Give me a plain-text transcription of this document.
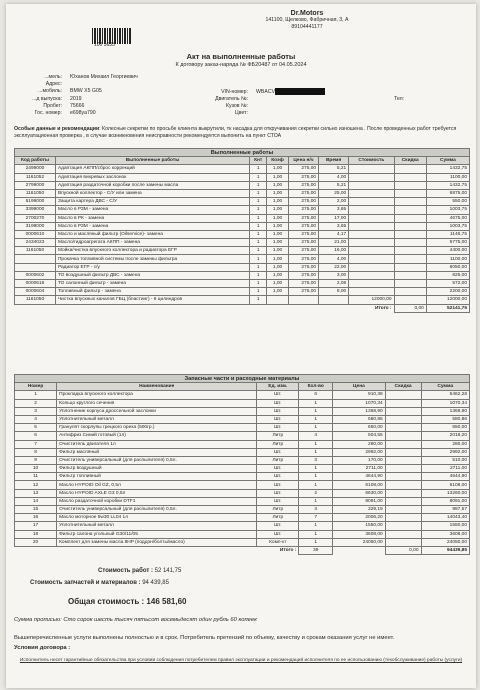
100 5635
Dr.Motors
141100, Щелково, Фабричная, 3, А
89104441177
Акт на выполненные работы
К договору заказ-наряда № ФБ20487 от 04.05.2024
...мель: Юханов Михаил Георгиевич
Адрес:
...мобиль: BMW X5 G05
...д выпуска: 2019
Пробег: 75666
Гос. номер: е698уа790
VIN-номер: WBACV
Двигатель №:
Кузов №:
Цвет:
Тел:
Особые данные и рекомендации: Колесные секретки по просьбе клиента выкрутили, тк насадка для откручивания секретки сильно изношена . После проведенных работ требуется эксплуатационная проверка , в случае возникновения неисправности рекомендуется выпонить на пункт СТОА
Выполненные работы								
Код работы	Выполненные работы	Кнт	Коэф	Цена н/ч	Время	Стоимость	Скидка	Сумма
2499000	Адаптация АКПП/сброс коррекций	1	1,00	275,00	5,21			1432,75
1161052	Адаптация вихревых заслонок	1	1,00	275,00	4,00			1100,00
2799000	Адаптация раздаточной коробки после замены масла	1	1,00	275,00	5,21			1432,75
1161050	Впускной коллектор - С/У или замена	1	1,00	275,00	25,00			6875,00
5199000	Защита картера ДВС - С/У	1	1,00	275,00	2,00			550,00
3399000	Масло в РЗМ - замена	1	1,00	275,00	3,65			1003,75
2700270	Масло в РК - замена	1	1,00	275,00	17,00			4675,00
3199000	Масло в РЗМ - замена	1	1,00	275,00	3,65			1003,75
0000610	Масло и масляный фильтр (Oilservice)- замена	1	1,00	275,00	4,17			1146,75
2434023	Масло/гидроагрегата АКПП - замена	1	1,00	275,00	21,00			5775,00
1161050	Мойка/чистка впускного коллектора и радиатора ЕГР	1	1,00	275,00	16,00			4400,00
	Прокачка топливной системы после замены фильтра	1	1,00	275,00	4,00			1100,00
	Радиатор ЕГР - с/у	1	1,00	275,00	22,00			6050,00
0000602	ТО воздушный фильтр ДВС - замена	1	1,00	275,00	3,00			825,00
0000616	ТО салонный фильтр - замена	1	1,00	275,00	2,08			572,00
0000604	Топливный фильтр - замена	1	1,00	275,00	8,00			2200,00
1161050	Чистка впускных каналов ГБЦ (бластинг) - 6 цилиндров	1				12000,00		12000,00
						Итого :	0,00	52141,75
Запасные части и расходные материалы						
Номер	Наименование	Ед. изм.	Кол-во	Цена	Скидка	Сумма
1	Прокладка впускного коллектора	Шт.	6	910,38		5462,28
2	Кольцо круглого сечения	Шт.	1	1070,34		1070,34
3	Уплотнение корпуса дроссельной заслонки	Шт.	1	1368,90		1368,90
4	Уплотнительный металл	Шт.	1	580,86		580,86
5	Гранулят скорлупы грецкого ореха (500гр.)	Шт.	1	650,00		650,00
6	Антифриз Синий готовый (1л)	Литр	4	504,55		2018,20
7	Очиститель двигателя 1л	Литр	1	280,00		280,00
8	Фильтр масляный	Шт.	1	2992,00		2992,00
9	Очиститель универсальный (для распылителя) 0,5л.	Литр	3	170,00		510,00
10	Фильтр воздушный	Шт.	1	2711,00		2711,00
11	Фильтр топливный	Шт.	1	4644,90		4644,90
12	Масло HYPOID Oil GZ, 0,5л	Шт.	1	6108,00		6108,00
13	Масло HYPOID AXLE G3 0,5л	Шт.	2	6630,00		13260,00
14	Масло раздаточной коробки DTF1	Шт.	1	8091,00		8091,00
15	Очиститель универсальный (для распылителя) 0,5л.	Литр	3	329,19		987,57
16	Масло моторное 5w30 LL04 1л	Литр	7	2006,20		14043,40
17	Уплотнительный металл	Шт.	1	1550,00		1550,00
18	Фильтр салона угольный G30/11/05	Шт.	1	3608,00		3608,00
20	Комплект для замены масла 8HP (поддон/болты/масло)	Комп-кт	1	24050,00		24050,00
		Итого :	39		0,00	94439,85
Стоимость работ : 52 141,75
Стоимость запчастей и материалов : 94 439,85
Общая стоимость : 146 581,60
Сумма прописью: Сто сорок шесть тысяч пятьсот восемьдесят один рубль 60 копеек
Вышеперечисленные услуги выполнены полностью и в срок. Потребитель претензий по объему, качеству и срокам оказания услуг не имеет.
Условия договора :
Исполнитель несет гарантийные обязательства при условии соблюдения потребителем правил эксплуатации и рекомендаций исполнителя по ее использованию (техобслуживание) работы (услуги)
